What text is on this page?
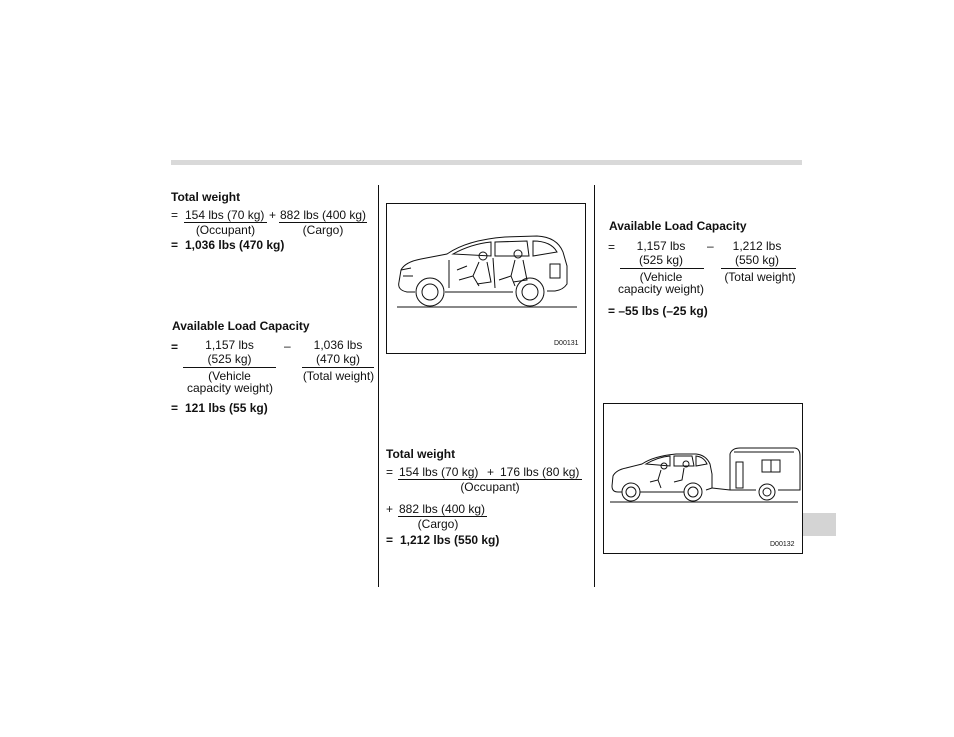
Total weight
= 154 lbs (70 kg) + 882 lbs (400 kg)
(Occupant)	(Cargo)
= 1,036 lbs (470 kg)
Available Load Capacity
=	1,157 lbs
(525 kg)
(Vehicle
capacity weight)
–	1,036 lbs
(470 kg)
(Total weight)
= 121 lbs (55 kg)
D00131
Total weight
= 154 lbs (70 kg) + 176 lbs (80 kg)
(Occupant)
+ 882 lbs (400 kg)
(Cargo)
= 1,212 lbs (550 kg)
Available Load Capacity
=	1,157 lbs
(525 kg)
(Vehicle
capacity weight)
–	1,212 lbs
(550 kg)
(Total weight)
= –55 lbs (–25 kg)
D00132
